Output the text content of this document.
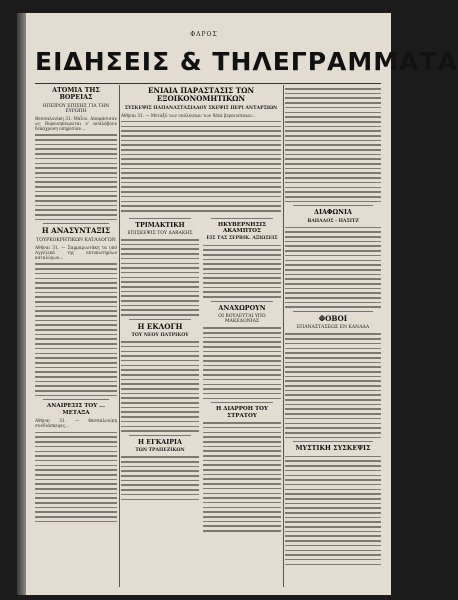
ΦΑΡΟΣ
ΕΙΔΗΣΕΙΣ & ΤΗΛΕΓΡΑΜΜΑΤΑ
ΑΤΟΜΙΑ ΤΗΣ ΒΟΡΕΙΑΣ
ΗΠΕΙΡΟΥ ΕΠΙΣΗΣ ΓΙΑ ΤΗΝ ΕΥΡΩΠΗ
Θεσσαλονίκη 31. Μαΐου. Αποφάσισαν ως Βορειοηπειρώται ν' αναλάβουν δεκάχρονη υπηρεσίαν...
Η ΑΝΑΣΥΝΤΑΞΙΣ
ΤΟΥΡΚΟΚΡΗΤΙΚΩΝ ΚΑΤΑΛΟΓΩΝ
Αθήναι 31. — Σαμμαριωτάκη τα υπό Αγγελικά της εκτυπωτηρίων καταλόγων...
ΑΝΑΙΡΕΣΙΣ ΤΟΥ ... ΜΕΤΑΞΑ
Αθήναι 31. — Θεσσαλονίκη συνδιάσκεψις...
ΕΝΙΑΙΑ ΠΑΡΑΣΤΑΣΙΣ ΤΩΝ ΕΞΟΙΚΟΝΟΜΗΤΙΚΩΝ
ΣΥΣΚΕΨΙΣ ΠΑΠΑΝΑΣΤΑΣΙΑΔΟΥ ΣΚΕΨΙΣ ΠΕΡΙ ΑΝΤΑΡΣΙΩΝ
Αθήναι 31. — Μεταξύ των υπόλοιπων των δέκα βεραιοσπεων...
ΤΡΙΜΑΚΤΙΚΗ
ΕΠΙΣΚΕΨΙΣ ΤΟΥ ΔΑΒΑΚΗΣ
Η ΕΚΛΟΓΗ
ΤΟΥ ΝΕΟΥ ΠΑΤΡΙΚΟΥ
Η ΕΓΚΑΙΡΙΑ
ΤΩΝ ΤΡΑΠΕΖΙΚΩΝ
ΗΚΥΒΕΡΝΗΣΙΣ ΑΚΑΜΠΤΟΣ
ΕΙΣ ΤΑΣ ΣΕΡΒΙΚ. ΑΞΙΩΣΕΙΣ
ΑΝΑΧΩΡΟΥΝ
ΟΙ ΒΟΥΛΕΥΤΑΙ ΥΠΟ ΜΑΚΕΔΟΝΙΑΣ
Η ΔΙΑΡΡΟΗ ΤΟΥ ΣΤΡΑΤΟΥ
ΔΙΑΦΩΝΙΑ
ΒΑΠΑΛΟΣ - ΠΑΣΙΤΖ
ΦΟΒΟΙ
ΕΠΑΝΑΣΤΑΣΕΩΣ ΕΝ ΚΑΝΑΔΑ
ΜΥΣΤΙΚΗ ΣΥΣΚΕΨΙΣ
